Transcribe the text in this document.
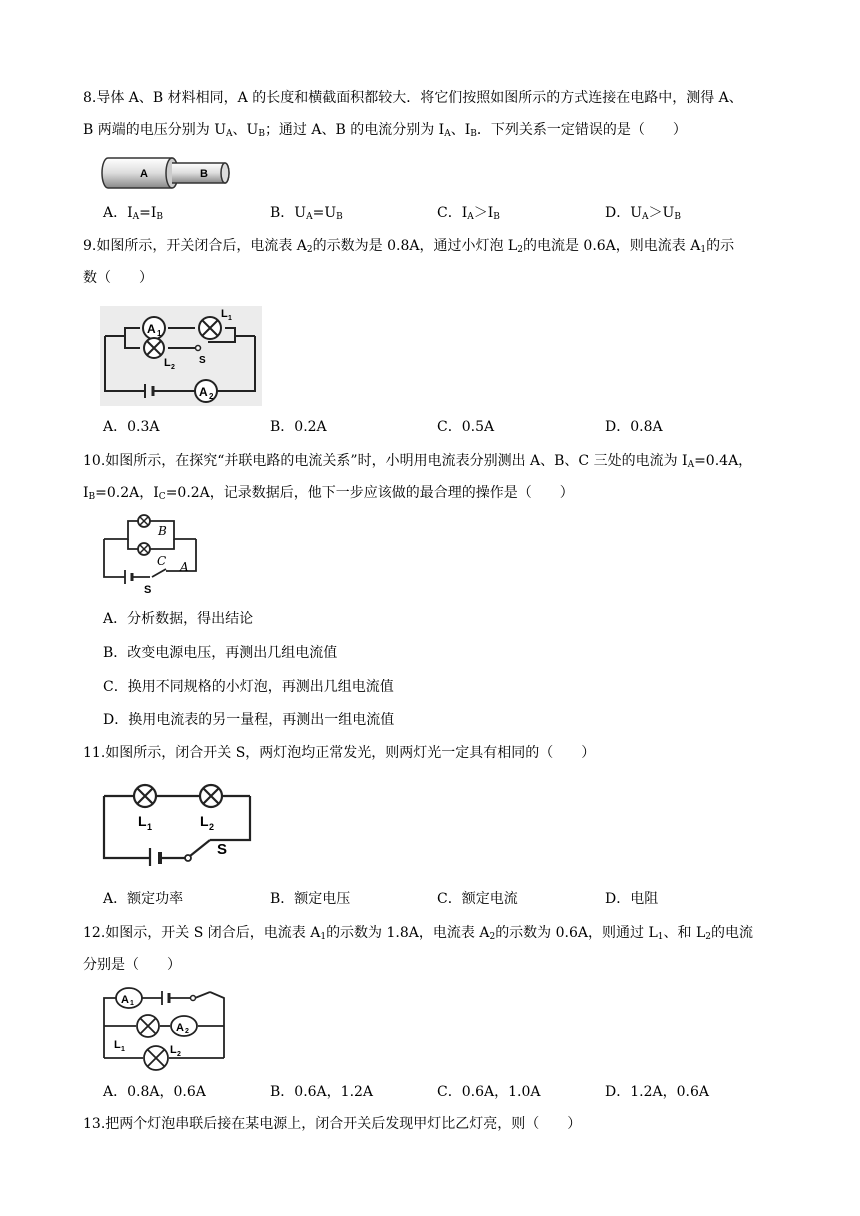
8.导体 A、B 材料相同，A 的长度和横截面积都较大．将它们按照如图所示的方式连接在电路中，测得 A、
B 两端的电压分别为 $U_A$、$U_B$；通过 A、B 的电流分别为 $I_A$、$I_B$．下列关系一定错误的是（　　）
A	B
A．$I_A=I_B$	B．$U_A=U_B$	C．$I_A>I_B$	D．$U_A>U_B$
9.如图所示，开关闭合后，电流表 $A_2$的示数为是 0.8A，通过小灯泡 $L_2$的电流是 0.6A，则电流表 $A_1$的示
数（　　）
A 1
L 1
L 2
S
A 2
A．0.3A	B．0.2A	C．0.5A	D．0.8A
10.如图所示，在探究“并联电路的电流关系”时，小明用电流表分别测出 A、B、C 三处的电流为 $I_A=0.4A$，
$I_B=0.2A$，$I_C=0.2A$，记录数据后，他下一步应该做的最合理的操作是（　　）
B
C A
S
A．分析数据，得出结论
B．改变电源电压，再测出几组电流值
C．换用不同规格的小灯泡，再测出几组电流值
D．换用电流表的另一量程，再测出一组电流值
11.如图所示，闭合开关 S，两灯泡均正常发光，则两灯光一定具有相同的（　　）
L 1	L 2
S
A．额定功率	B．额定电压	C．额定电流	D．电阻
12.如图示，开关 S 闭合后，电流表 $A_1$的示数为 1.8A，电流表 $A_2$的示数为 0.6A，则通过 $L_1$、和 $L_2$的电流
分别是（　　）
A 1
A 2
L 1	L 2
A．0.8A，0.6A	B．0.6A，1.2A	C．0.6A，1.0A	D．1.2A，0.6A
13.把两个灯泡串联后接在某电源上，闭合开关后发现甲灯比乙灯亮，则（　　）
